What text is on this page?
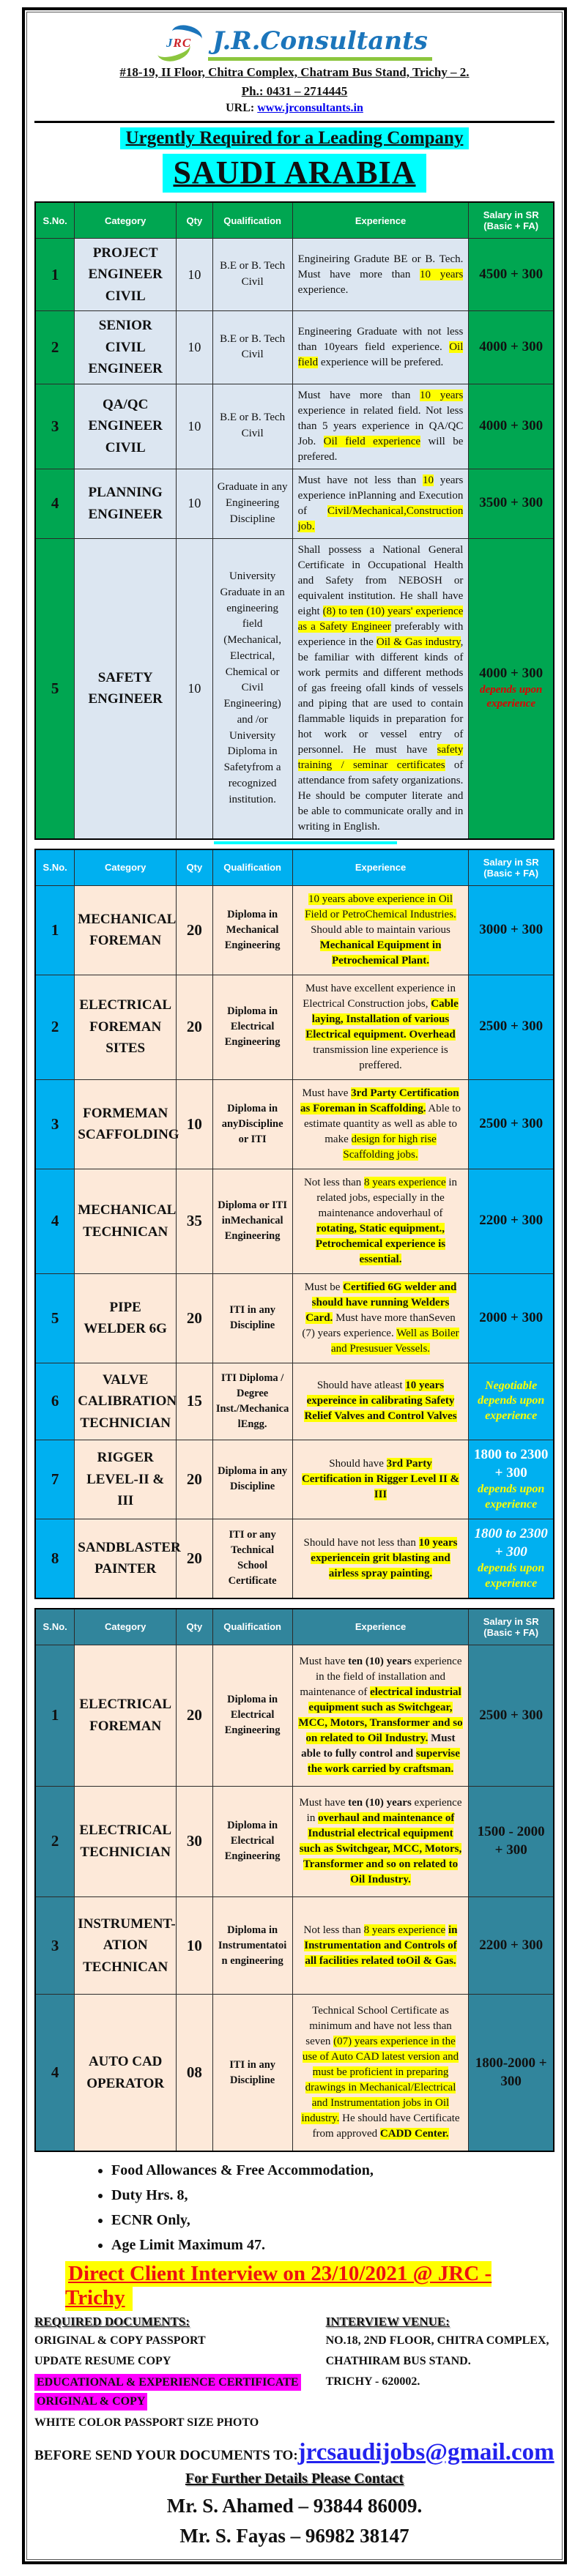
JRC J.R.Consultants
#18-19, II Floor, Chitra Complex, Chatram Bus Stand, Trichy – 2.
Ph.: 0431 – 2714445
URL: www.jrconsultants.in
Urgently Required for a Leading Company
SAUDI ARABIA
S.No.	Category	Qty	Qualification	Experience	Salary in SR
(Basic + FA)
1	PROJECT ENGINEER CIVIL	10	B.E or B. Tech Civil	Engineiring Gradute BE or B. Tech. Must have more than 10 years experience.	4500 + 300

2	SENIOR CIVIL ENGINEER	10	B.E or B. Tech Civil	Engineering Graduate with not less than 10years field experience. Oil field experience will be prefered.	4000 + 300

3	QA/QC ENGINEER CIVIL	10	B.E or B. Tech Civil	Must have more than 10 years experience in related field. Not less than 5 years experience in QA/QC Job. Oil field experience will be prefered.	4000 + 300

4	PLANNING ENGINEER	10	Graduate in any Engineering Discipline	Must have not less than 10 years experience inPlanning and Execution of Civil/Mechanical,Construction job.	3500 + 300

5	SAFETY ENGINEER	10	University Graduate in an engineering field (Mechanical, Electrical, Chemical or Civil Engineering) and /or University Diploma in Safetyfrom a recognized institution.	Shall possess a National General Certificate in Occupational Health and Safety from NEBOSH or equivalent institution. He shall have eight (8) to ten (10) years' experience as a Safety Engineer preferably with experience in the Oil & Gas industry, be familiar with different kinds of work permits and different methods of gas freeing ofall kinds of vessels and piping that are used to contain flammable liquids in preparation for hot work or vessel entry of personnel. He must have safety training / seminar certificates of attendance from safety organizations. He should be computer literate and be able to communicate orally and in writing in English.	4000 + 300
depends upon experience
S.No.	Category	Qty	Qualification	Experience	Salary in SR
(Basic + FA)
1	MECHANICAL FOREMAN	20	Diploma in Mechanical Engineering	10 years above experience in Oil Field or PetroChemical Industries. Should able to maintain various Mechanical Equipment in Petrochemical Plant.	3000 + 300

2	ELECTRICAL FOREMAN SITES	20	Diploma in Electrical Engineering	Must have excellent experience in Electrical Construction jobs, Cable laying, Installation of various Electrical equipment. Overhead transmission line experience is preffered.	2500 + 300

3	FORMEMAN SCAFFOLDING	10	Diploma in anyDiscipline or ITI	Must have 3rd Party Certification as Foreman in Scaffolding. Able to estimate quantity as well as able to make design for high rise Scaffolding jobs.	2500 + 300

4	MECHANICAL TECHNICAN	35	Diploma or ITI inMechanical Engineering	Not less than 8 years experience in related jobs, especially in the maintenance andoverhaul of rotating, Static equipment., Petrochemical experience is essential.	2200 + 300

5	PIPE WELDER 6G	20	ITI in any Discipline	Must be Certified 6G welder and should have running Welders Card. Must have more thanSeven (7) years experience. Well as Boiler and Presusuer Vessels.	2000 + 300

6	VALVE CALIBRATION TECHNICIAN	15	ITI Diploma / Degree Inst./Mechanica lEngg.	Should have atleast 10 years expereince in calibrating Safety Relief Valves and Control Valves	Negotiable depends upon experience

7	RIGGER LEVEL-II & III	20	Diploma in any Discipline	Should have 3rd Party Certification in Rigger Level II & III	1800 to 2300 + 300
depends upon experience

8	SANDBLASTER PAINTER	20	ITI or any Technical School Certificate	Should have not less than 10 years experiencein grit blasting and airless spray painting.	1800 to 2300 + 300
depends upon experience
S.No.	Category	Qty	Qualification	Experience	Salary in SR
(Basic + FA)
1	ELECTRICAL FOREMAN	20	Diploma in Electrical Engineering	Must have ten (10) years experience in the field of installation and maintenance of electrical industrial equipment such as Switchgear, MCC, Motors, Transformer and so on related to Oil Industry. Must able to fully control and supervise the work carried by craftsman.	2500 + 300

2	ELECTRICAL TECHNICIAN	30	Diploma in Electrical Engineering	Must have ten (10) years experience in overhaul and maintenance of Industrial electrical equipment such as Switchgear, MCC, Motors, Transformer and so on related to Oil Industry.	1500 - 2000 + 300

3	INSTRUMENT-ATION TECHNICAN	10	Diploma in Instrumentatoi n engineering	Not less than 8 years experience in Instrumentation and Controls of all facilities related toOil & Gas.	2200 + 300

4	AUTO CAD OPERATOR	08	ITI in any Discipline	Technical School Certificate as minimum and have not less than seven (07) years experience in the use of Auto CAD latest version and must be proficient in preparing drawings in Mechanical/Electrical and Instrumentation jobs in Oil industry. He should have Certificate from approved CADD Center.	1800-2000 + 300
• Food Allowances & Free Accommodation,
• Duty Hrs. 8,
• ECNR Only,
• Age Limit Maximum 47.
Direct Client Interview on 23/10/2021 @ JRC - Trichy
REQUIRED DOCUMENTS:
ORIGINAL & COPY PASSPORT
UPDATE RESUME COPY
EDUCATIONAL & EXPERIENCE CERTIFICATE
ORIGINAL & COPY
WHITE COLOR PASSPORT SIZE PHOTO
INTERVIEW VENUE:
NO.18, 2ND FLOOR, CHITRA COMPLEX,
CHATHIRAM BUS STAND.
TRICHY - 620002.
BEFORE SEND YOUR DOCUMENTS TO: jrcsaudijobs@gmail.com
For Further Details Please Contact
Mr. S. Ahamed – 93844 86009.
Mr. S. Fayas – 96982 38147
